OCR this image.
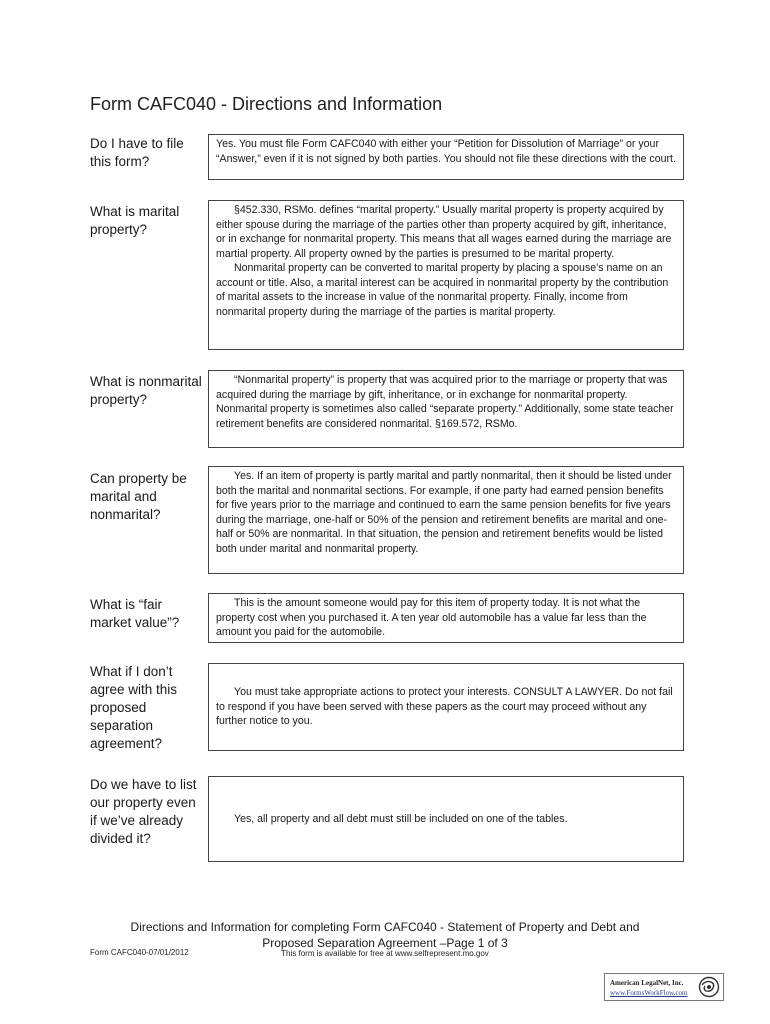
Form CAFC040 - Directions and Information
Do I have to file this form?

Yes. You must file Form CAFC040 with either your “Petition for Dissolution of Marriage” or your “Answer,” even if it is not signed by both parties. You should not file these directions with the court.

What is marital property?

§452.330, RSMo. defines “marital property.” Usually marital property is property acquired by either spouse during the marriage of the parties other than property acquired by gift, inheritance, or in exchange for nonmarital property. This means that all wages earned during the marriage are martial property. All property owned by the parties is presumed to be marital property.

Nonmarital property can be converted to marital property by placing a spouse’s name on an account or title. Also, a marital interest can be acquired in nonmarital property by the contribution of marital assets to the increase in value of the nonmarital property. Finally, income from nonmarital property during the marriage of the parties is marital property.

What is nonmarital property?

“Nonmarital property” is property that was acquired prior to the marriage or property that was acquired during the marriage by gift, inheritance, or in exchange for nonmarital property. Nonmarital property is sometimes also called “separate property.” Additionally, some state teacher retirement benefits are considered nonmarital. §169.572, RSMo.

Can property be marital and nonmarital?

Yes. If an item of property is partly marital and partly nonmarital, then it should be listed under both the marital and nonmarital sections. For example, if one party had earned pension benefits for five years prior to the marriage and continued to earn the same pension benefits for five years during the marriage, one-half or 50% of the pension and retirement benefits are marital and one-half or 50% are nonmarital. In that situation, the pension and retirement benefits would be listed both under marital and nonmarital property.

What is “fair market value”?

This is the amount someone would pay for this item of property today. It is not what the property cost when you purchased it. A ten year old automobile has a value far less than the amount you paid for the automobile.

What if I don’t agree with this proposed separation agreement?

You must take appropriate actions to protect your interests. CONSULT A LAWYER. Do not fail to respond if you have been served with these papers as the court may proceed without any further notice to you.

Do we have to list our property even if we’ve already divided it?

Yes, all property and all debt must still be included on one of the tables.

Directions and Information for completing Form CAFC040 - Statement of Property and Debt and
Proposed Separation Agreement –Page 1 of 3
Form CAFC040-07/01/2012	This form is available for free at www.selfrepresent.mo.gov
American LegalNet, Inc.
www.FormsWorkFlow.com
